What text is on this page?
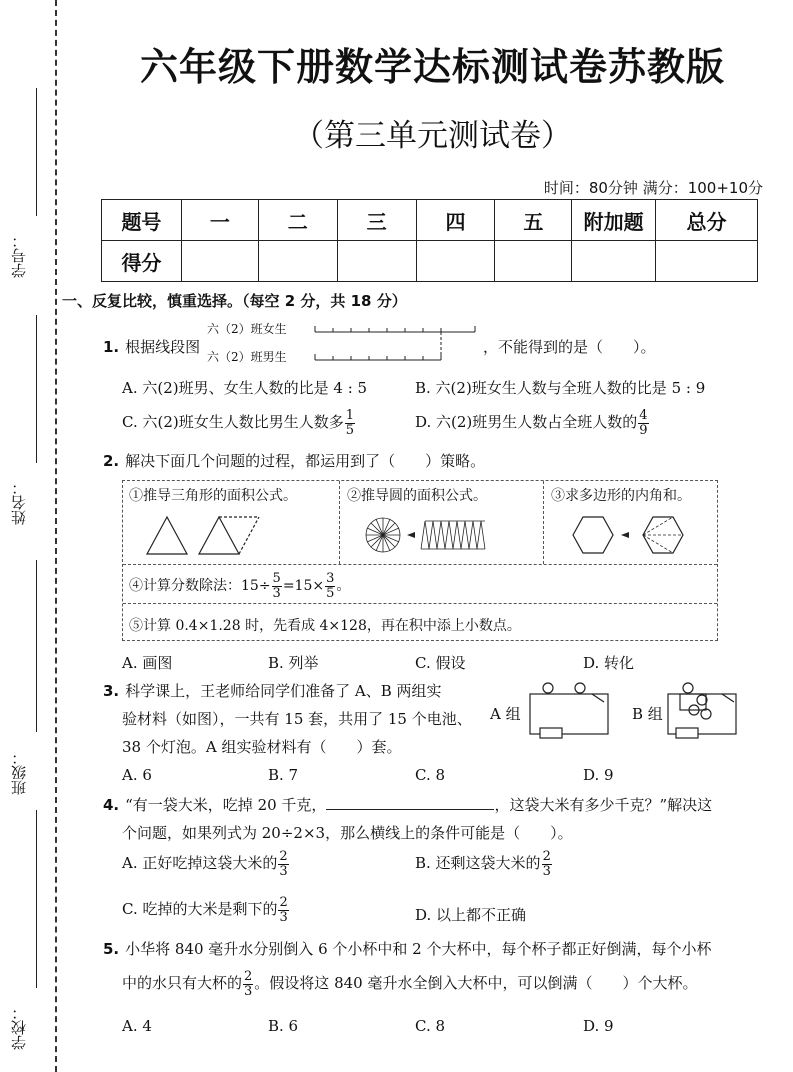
学号：
姓名：
班级：
学校：
六年级下册数学达标测试卷苏教版
（第三单元测试卷）
时间：80分钟 满分：100+10分
题号	一	二	三	四	五	附加题	总分
得分							
一、反复比较，慎重选择。（每空 2 分，共 18 分）
1. 根据线段图
六（2）班女生
六（2）班男生
，不能得到的是（　　）。
A. 六(2)班男、女生人数的比是 4 : 5	B. 六(2)班女生人数与全班人数的比是 5 : 9
C. 六(2)班女生人数比男生人数多 $\frac{1}{5}$	D. 六(2)班男生人数占全班人数的 $\frac{4}{9}$
2. 解决下面几个问题的过程，都运用到了（　　）策略。
①推导三角形的面积公式。	②推导圆的面积公式。	③求多边形的内角和。
④计算分数除法：$15\div \frac{5}{3} =15\times \frac{3}{5}$ 。
⑤计算 0.4×1.28 时，先看成 4×128，再在积中添上小数点。
A. 画图	B. 列举	C. 假设	D. 转化
3. 科学课上，王老师给同学们准备了 A、B 两组实
验材料（如图），一共有 15 套，共用了 15 个电池、
38 个灯泡。A 组实验材料有（　　）套。
A 组	B 组
A. 6	B. 7	C. 8	D. 9
4. “有一袋大米，吃掉 20 千克，	，这袋大米有多少千克？”解决这
个问题，如果列式为 20÷2×3，那么横线上的条件可能是（　　）。
A. 正好吃掉这袋大米的 $\frac{2}{3}$	B. 还剩这袋大米的 $\frac{2}{3}$
C. 吃掉的大米是剩下的 $\frac{2}{3}$	D. 以上都不正确
5. 小华将 840 毫升水分别倒入 6 个小杯中和 2 个大杯中，每个杯子都正好倒满，每个小杯
中的水只有大杯的 $\frac{2}{3}$ 。假设将这 840 毫升水全倒入大杯中，可以倒满（　　）个大杯。
A. 4	B. 6	C. 8	D. 9
